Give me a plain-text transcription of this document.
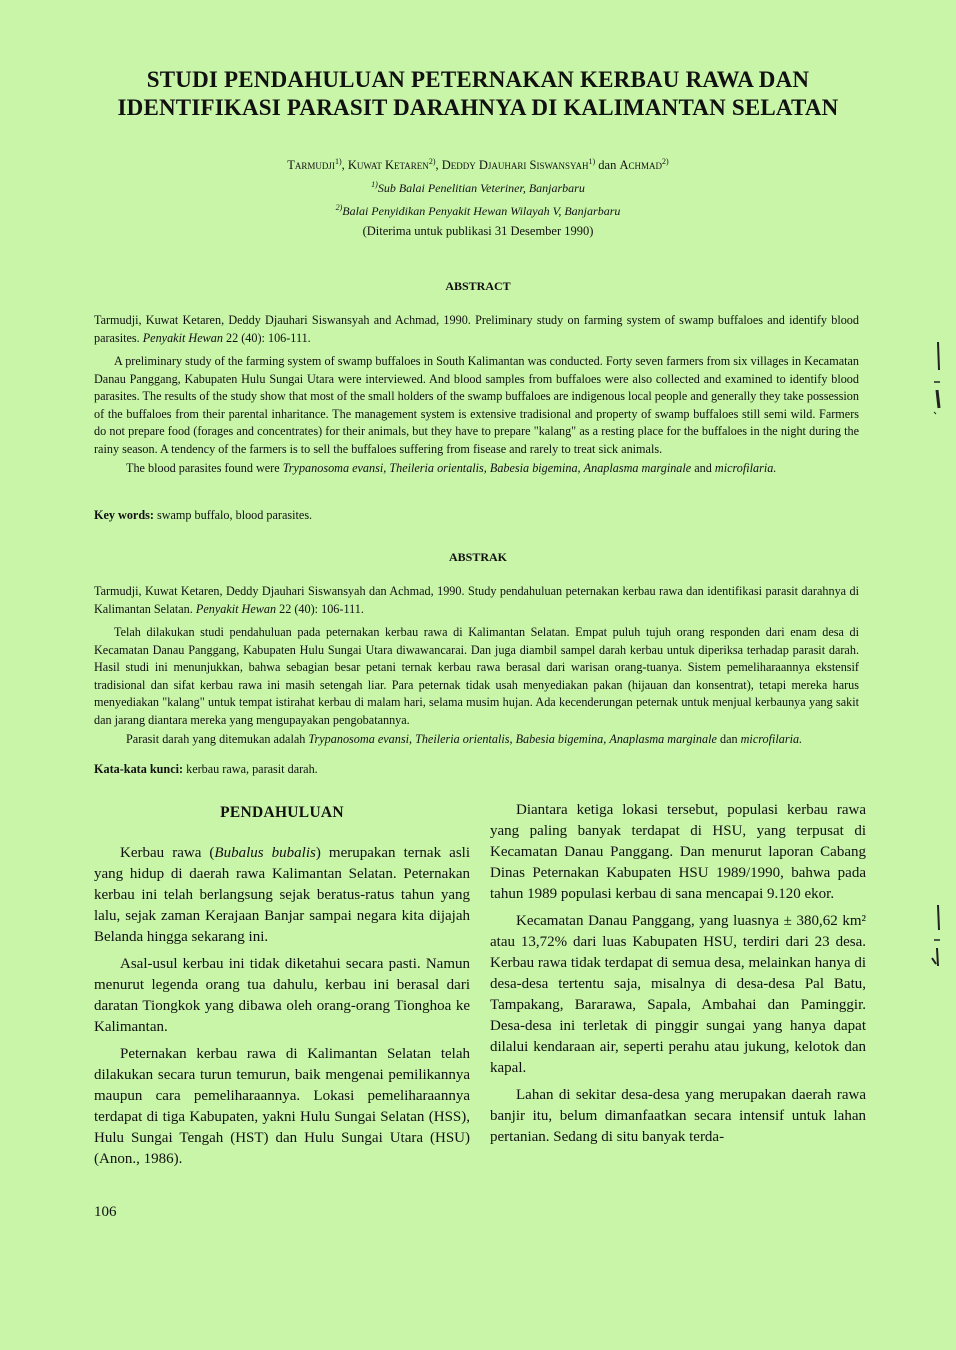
STUDI PENDAHULUAN PETERNAKAN KERBAU RAWA DAN
IDENTIFIKASI PARASIT DARAHNYA DI KALIMANTAN SELATAN
Tarmudji$^{1)}$, Kuwat Ketaren$^{2)}$, Deddy Djauhari Siswansyah$^{1)}$ dan Achmad$^{2)}$
$^{1)}$Sub Balai Penelitian Veteriner, Banjarbaru
$^{2)}$Balai Penyidikan Penyakit Hewan Wilayah V, Banjarbaru
(Diterima untuk publikasi 31 Desember 1990)
ABSTRACT

Tarmudji, Kuwat Ketaren, Deddy Djauhari Siswansyah and Achmad, 1990. Preliminary study on farming system of swamp buffaloes and identify blood parasites. Penyakit Hewan 22 (40): 106-111.

A preliminary study of the farming system of swamp buffaloes in South Kalimantan was conducted. Forty seven farmers from six villages in Kecamatan Danau Panggang, Kabupaten Hulu Sungai Utara were interviewed. And blood samples from buffaloes were also collected and examined to identify blood parasites. The results of the study show that most of the small holders of the swamp buffaloes are indigenous local people and generally they take possession of the buffaloes from their parental inharitance. The management system is extensive tradisional and property of swamp buffaloes still semi wild. Farmers do not prepare food (forages and concentrates) for their animals, but they have to prepare "kalang" as a resting place for the buffaloes in the night during the rainy season. A tendency of the farmers is to sell the buffaloes suffering from fisease and rarely to treat sick animals.

The blood parasites found were Trypanosoma evansi, Theileria orientalis, Babesia bigemina, Anaplasma marginale and microfilaria.

Key words: swamp buffalo, blood parasites.
ABSTRAK

Tarmudji, Kuwat Ketaren, Deddy Djauhari Siswansyah dan Achmad, 1990. Study pendahuluan peternakan kerbau rawa dan identifikasi parasit darahnya di Kalimantan Selatan. Penyakit Hewan 22 (40): 106-111.

Telah dilakukan studi pendahuluan pada peternakan kerbau rawa di Kalimantan Selatan. Empat puluh tujuh orang responden dari enam desa di Kecamatan Danau Panggang, Kabupaten Hulu Sungai Utara diwawancarai. Dan juga diambil sampel darah kerbau untuk diperiksa terhadap parasit darah. Hasil studi ini menunjukkan, bahwa sebagian besar petani ternak kerbau rawa berasal dari warisan orang-tuanya. Sistem pemeliharaannya ekstensif tradisional dan sifat kerbau rawa ini masih setengah liar. Para peternak tidak usah menyediakan pakan (hijauan dan konsentrat), tetapi mereka harus menyediakan "kalang" untuk tempat istirahat kerbau di malam hari, selama musim hujan. Ada kecenderungan peternak untuk menjual kerbaunya yang sakit dan jarang diantara mereka yang mengupayakan pengobatannya.

Parasit darah yang ditemukan adalah Trypanosoma evansi, Theileria orientalis, Babesia bigemina, Anaplasma marginale dan microfilaria.

Kata-kata kunci: kerbau rawa, parasit darah.
PENDAHULUAN

Kerbau rawa (Bubalus bubalis) merupakan ternak asli yang hidup di daerah rawa Kalimantan Selatan. Peternakan kerbau ini telah berlangsung sejak beratus-ratus tahun yang lalu, sejak zaman Kerajaan Banjar sampai negara kita dijajah Belanda hingga sekarang ini.

Asal-usul kerbau ini tidak diketahui secara pasti. Namun menurut legenda orang tua dahulu, kerbau ini berasal dari daratan Tiongkok yang dibawa oleh orang-orang Tionghoa ke Kalimantan.

Peternakan kerbau rawa di Kalimantan Selatan telah dilakukan secara turun temurun, baik mengenai pemilikannya maupun cara pemeliharaannya. Lokasi pemeliharaannya terdapat di tiga Kabupaten, yakni Hulu Sungai Selatan (HSS), Hulu Sungai Tengah (HST) dan Hulu Sungai Utara (HSU) (Anon., 1986).

Diantara ketiga lokasi tersebut, populasi kerbau rawa yang paling banyak terdapat di HSU, yang terpusat di Kecamatan Danau Panggang. Dan menurut laporan Cabang Dinas Peternakan Kabupaten HSU 1989/1990, bahwa pada tahun 1989 populasi kerbau di sana mencapai 9.120 ekor.

Kecamatan Danau Panggang, yang luasnya ± 380,62 km² atau 13,72% dari luas Kabupaten HSU, terdiri dari 23 desa. Kerbau rawa tidak terdapat di semua desa, melainkan hanya di desa-desa tertentu saja, misalnya di desa-desa Pal Batu, Tampakang, Bararawa, Sapala, Ambahai dan Paminggir. Desa-desa ini terletak di pinggir sungai yang hanya dapat dilalui kendaraan air, seperti perahu atau jukung, kelotok dan kapal.

Lahan di sekitar desa-desa yang merupakan daerah rawa banjir itu, belum dimanfaatkan secara intensif untuk lahan pertanian. Sedang di situ banyak terda-

106
